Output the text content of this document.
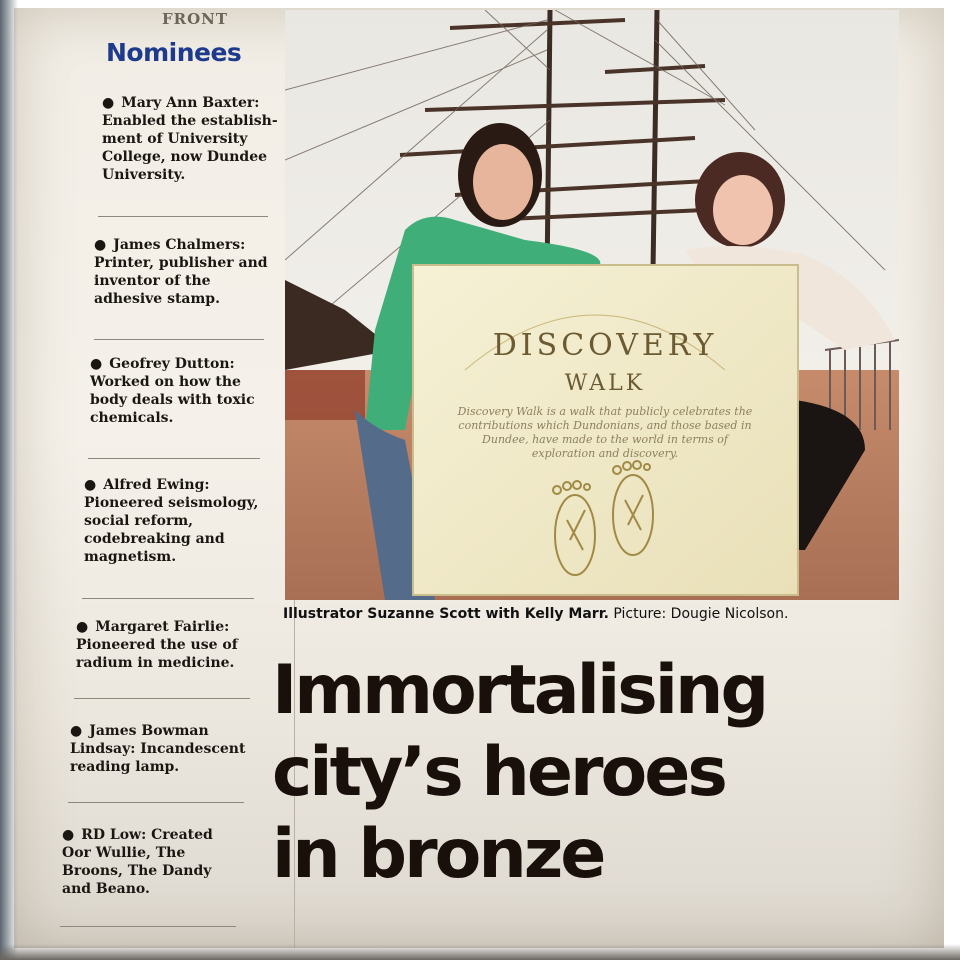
FRONT
Nominees
● Mary Ann Baxter: Enabled the establish-ment of University College, now Dundee University.
● James Chalmers: Printer, publisher and inventor of the adhesive stamp.
● Geofrey Dutton: Worked on how the body deals with toxic chemicals.
● Alfred Ewing: Pioneered seismology, social reform, codebreaking and magnetism.
● Margaret Fairlie: Pioneered the use of radium in medicine.
● James Bowman Lindsay: Incandescent reading lamp.
● RD Low: Created Oor Wullie, The Broons, The Dandy and Beano.
DISCOVERY
WALK
Discovery Walk is a walk that publicly celebrates the contributions which Dundonians, and those based in Dundee, have made to the world in terms of exploration and discovery.
Illustrator Suzanne Scott with Kelly Marr. Picture: Dougie Nicolson.
Immortalising
city’s heroes
in bronze
